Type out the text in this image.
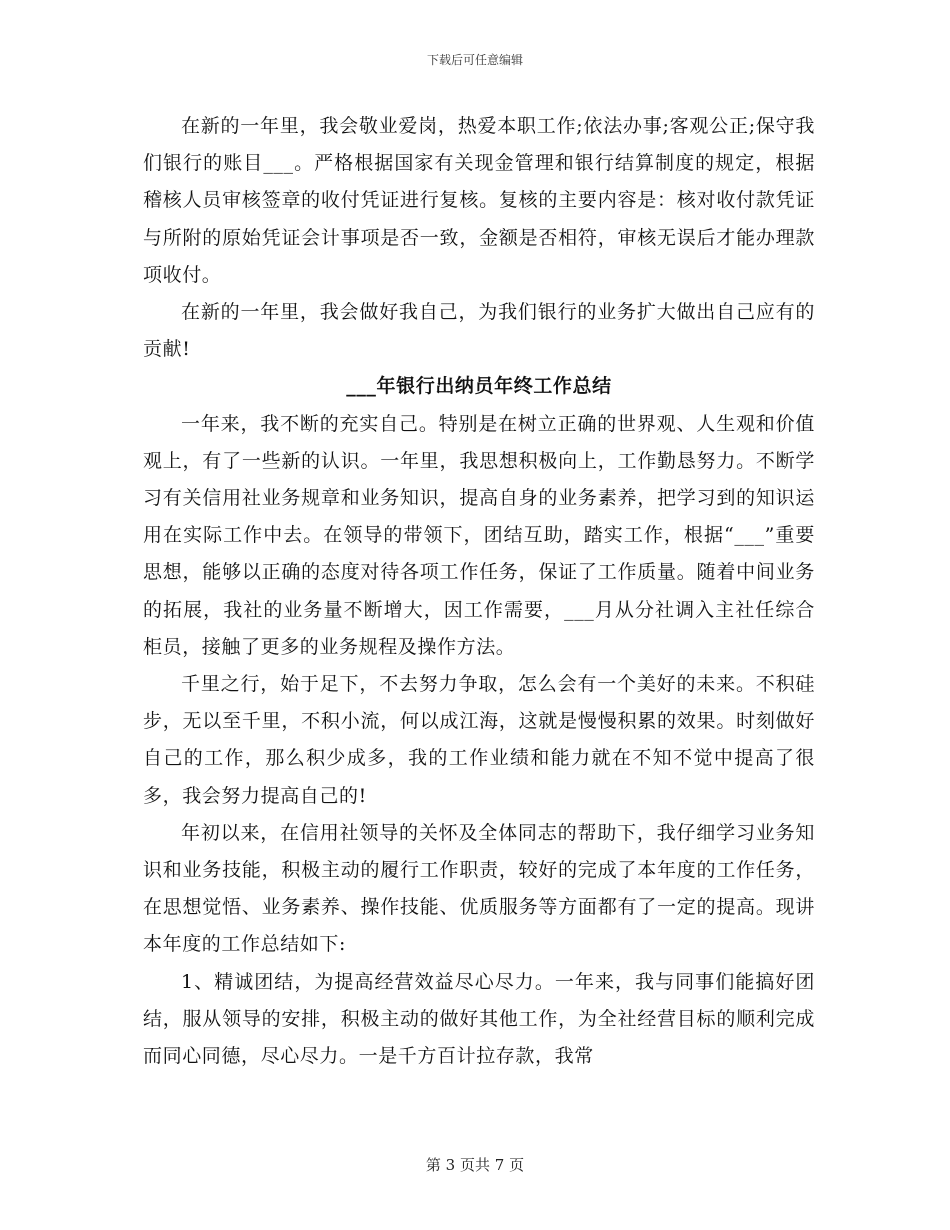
下载后可任意编辑

在新的一年里，我会敬业爱岗，热爱本职工作;依法办事;客观公正;保守我们银行的账目___。严格根据国家有关现金管理和银行结算制度的规定，根据稽核人员审核签章的收付凭证进行复核。复核的主要内容是：核对收付款凭证与所附的原始凭证会计事项是否一致，金额是否相符，审核无误后才能办理款项收付。

在新的一年里，我会做好我自己，为我们银行的业务扩大做出自己应有的贡献!

___年银行出纳员年终工作总结

一年来，我不断的充实自己。特别是在树立正确的世界观、人生观和价值观上，有了一些新的认识。一年里，我思想积极向上，工作勤恳努力。不断学习有关信用社业务规章和业务知识，提高自身的业务素养，把学习到的知识运用在实际工作中去。在领导的带领下，团结互助，踏实工作，根据“___”重要思想，能够以正确的态度对待各项工作任务，保证了工作质量。随着中间业务的拓展，我社的业务量不断增大，因工作需要，___月从分社调入主社任综合柜员，接触了更多的业务规程及操作方法。

千里之行，始于足下，不去努力争取，怎么会有一个美好的未来。不积硅步，无以至千里，不积小流，何以成江海，这就是慢慢积累的效果。时刻做好自己的工作，那么积少成多，我的工作业绩和能力就在不知不觉中提高了很多，我会努力提高自己的!

年初以来，在信用社领导的关怀及全体同志的帮助下，我仔细学习业务知识和业务技能，积极主动的履行工作职责，较好的完成了本年度的工作任务，在思想觉悟、业务素养、操作技能、优质服务等方面都有了一定的提高。现讲本年度的工作总结如下:

1、精诚团结，为提高经营效益尽心尽力。一年来，我与同事们能搞好团结，服从领导的安排，积极主动的做好其他工作，为全社经营目标的顺利完成而同心同德，尽心尽力。一是千方百计拉存款，我常

第 3 页共 7 页
